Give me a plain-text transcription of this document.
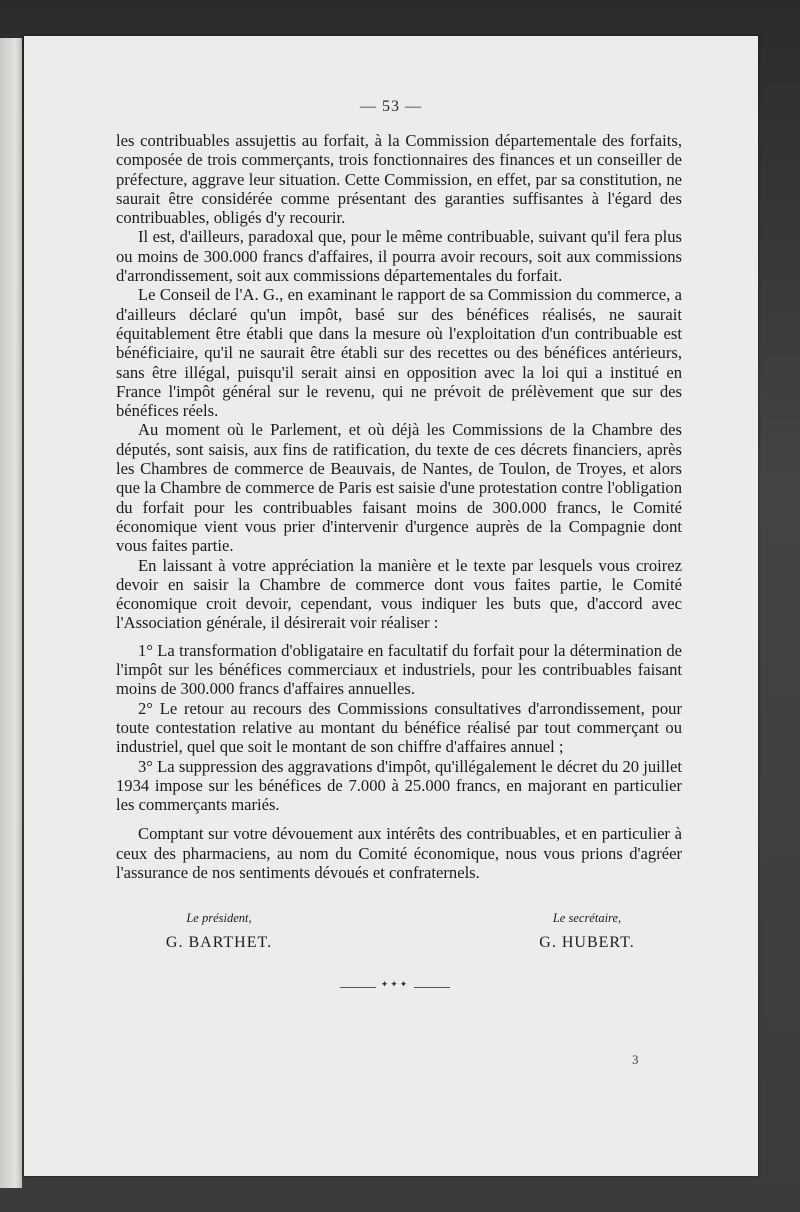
— 53 —

les contribuables assujettis au forfait, à la Commission départementale des forfaits, composée de trois commerçants, trois fonctionnaires des finances et un conseiller de préfecture, aggrave leur situation. Cette Commission, en effet, par sa constitution, ne saurait être considérée comme présentant des garanties suffisantes à l'égard des contribuables, obligés d'y recourir.

Il est, d'ailleurs, paradoxal que, pour le même contribuable, suivant qu'il fera plus ou moins de 300.000 francs d'affaires, il pourra avoir recours, soit aux commissions d'arrondissement, soit aux commissions départementales du forfait.

Le Conseil de l'A. G., en examinant le rapport de sa Commission du commerce, a d'ailleurs déclaré qu'un impôt, basé sur des bénéfices réalisés, ne saurait équitablement être établi que dans la mesure où l'exploitation d'un contribuable est bénéficiaire, qu'il ne saurait être établi sur des recettes ou des bénéfices antérieurs, sans être illégal, puisqu'il serait ainsi en opposition avec la loi qui a institué en France l'impôt général sur le revenu, qui ne prévoit de prélèvement que sur des bénéfices réels.

Au moment où le Parlement, et où déjà les Commissions de la Chambre des députés, sont saisis, aux fins de ratification, du texte de ces décrets financiers, après les Chambres de commerce de Beauvais, de Nantes, de Toulon, de Troyes, et alors que la Chambre de commerce de Paris est saisie d'une protestation contre l'obligation du forfait pour les contribuables faisant moins de 300.000 francs, le Comité économique vient vous prier d'intervenir d'urgence auprès de la Compagnie dont vous faites partie.

En laissant à votre appréciation la manière et le texte par lesquels vous croirez devoir en saisir la Chambre de commerce dont vous faites partie, le Comité économique croit devoir, cependant, vous indiquer les buts que, d'accord avec l'Association générale, il désirerait voir réaliser :

1° La transformation d'obligataire en facultatif du forfait pour la détermination de l'impôt sur les bénéfices commerciaux et industriels, pour les contribuables faisant moins de 300.000 francs d'affaires annuelles.

2° Le retour au recours des Commissions consultatives d'arrondissement, pour toute contestation relative au montant du bénéfice réalisé par tout commerçant ou industriel, quel que soit le montant de son chiffre d'affaires annuel ;

3° La suppression des aggravations d'impôt, qu'illégalement le décret du 20 juillet 1934 impose sur les bénéfices de 7.000 à 25.000 francs, en majorant en particulier les commerçants mariés.

Comptant sur votre dévouement aux intérêts des contribuables, et en particulier à ceux des pharmaciens, au nom du Comité économique, nous vous prions d'agréer l'assurance de nos sentiments dévoués et confraternels.

Le président,
G. BARTHET.
Le secrétaire,
G. HUBERT.
✦✦✦
3
